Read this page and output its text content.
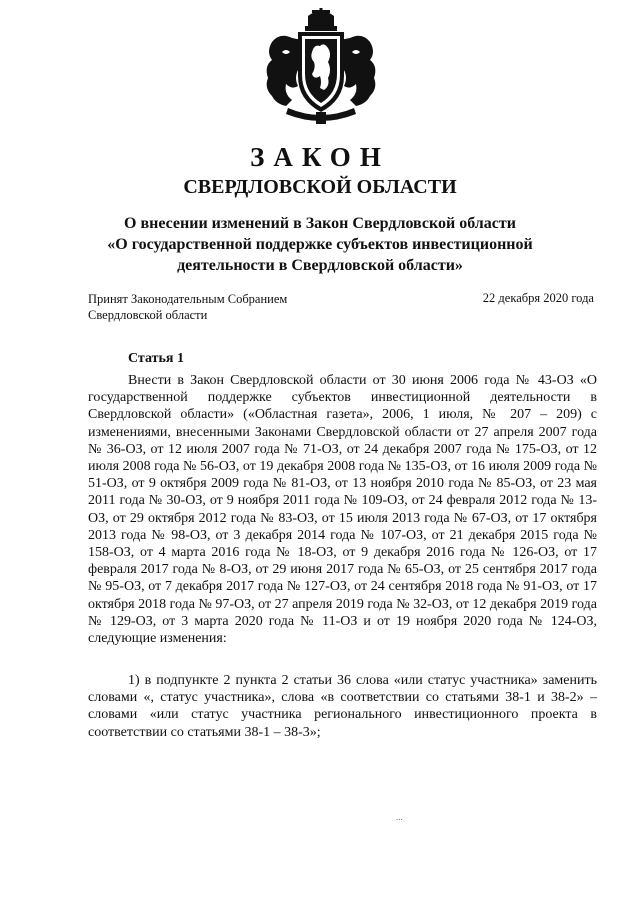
ЗАКОН
СВЕРДЛОВСКОЙ ОБЛАСТИ
О внесении изменений в Закон Свердловской области
«О государственной поддержке субъектов инвестиционной
деятельности в Свердловской области»
Принят Законодательным Собранием
Свердловской области
22 декабря 2020 года
Статья 1

Внести в Закон Свердловской области от 30 июня 2006 года № 43-ОЗ «О государственной поддержке субъектов инвестиционной деятельности в Свердловской области» («Областная газета», 2006, 1 июля, № 207 – 209) с изменениями, внесенными Законами Свердловской области от 27 апреля 2007 года № 36-ОЗ, от 12 июля 2007 года № 71-ОЗ, от 24 декабря 2007 года № 175-ОЗ, от 12 июля 2008 года № 56-ОЗ, от 19 декабря 2008 года № 135-ОЗ, от 16 июля 2009 года № 51-ОЗ, от 9 октября 2009 года № 81-ОЗ, от 13 ноября 2010 года № 85-ОЗ, от 23 мая 2011 года № 30-ОЗ, от 9 ноября 2011 года № 109-ОЗ, от 24 февраля 2012 года № 13-ОЗ, от 29 октября 2012 года № 83-ОЗ, от 15 июля 2013 года № 67-ОЗ, от 17 октября 2013 года № 98-ОЗ, от 3 декабря 2014 года № 107-ОЗ, от 21 декабря 2015 года № 158-ОЗ, от 4 марта 2016 года № 18-ОЗ, от 9 декабря 2016 года № 126-ОЗ, от 17 февраля 2017 года № 8-ОЗ, от 29 июня 2017 года № 65-ОЗ, от 25 сентября 2017 года № 95-ОЗ, от 7 декабря 2017 года № 127-ОЗ, от 24 сентября 2018 года № 91-ОЗ, от 17 октября 2018 года № 97-ОЗ, от 27 апреля 2019 года № 32-ОЗ, от 12 декабря 2019 года № 129-ОЗ, от 3 марта 2020 года № 11-ОЗ и от 19 ноября 2020 года № 124-ОЗ, следующие изменения:

1) в подпункте 2 пункта 2 статьи 36 слова «или статус участника» заменить словами «, статус участника», слова «в соответствии со статьями 38-1 и 38-2» – словами «или статус участника регионального инвестиционного проекта в соответствии со статьями 38-1 – 38-3»;

...
